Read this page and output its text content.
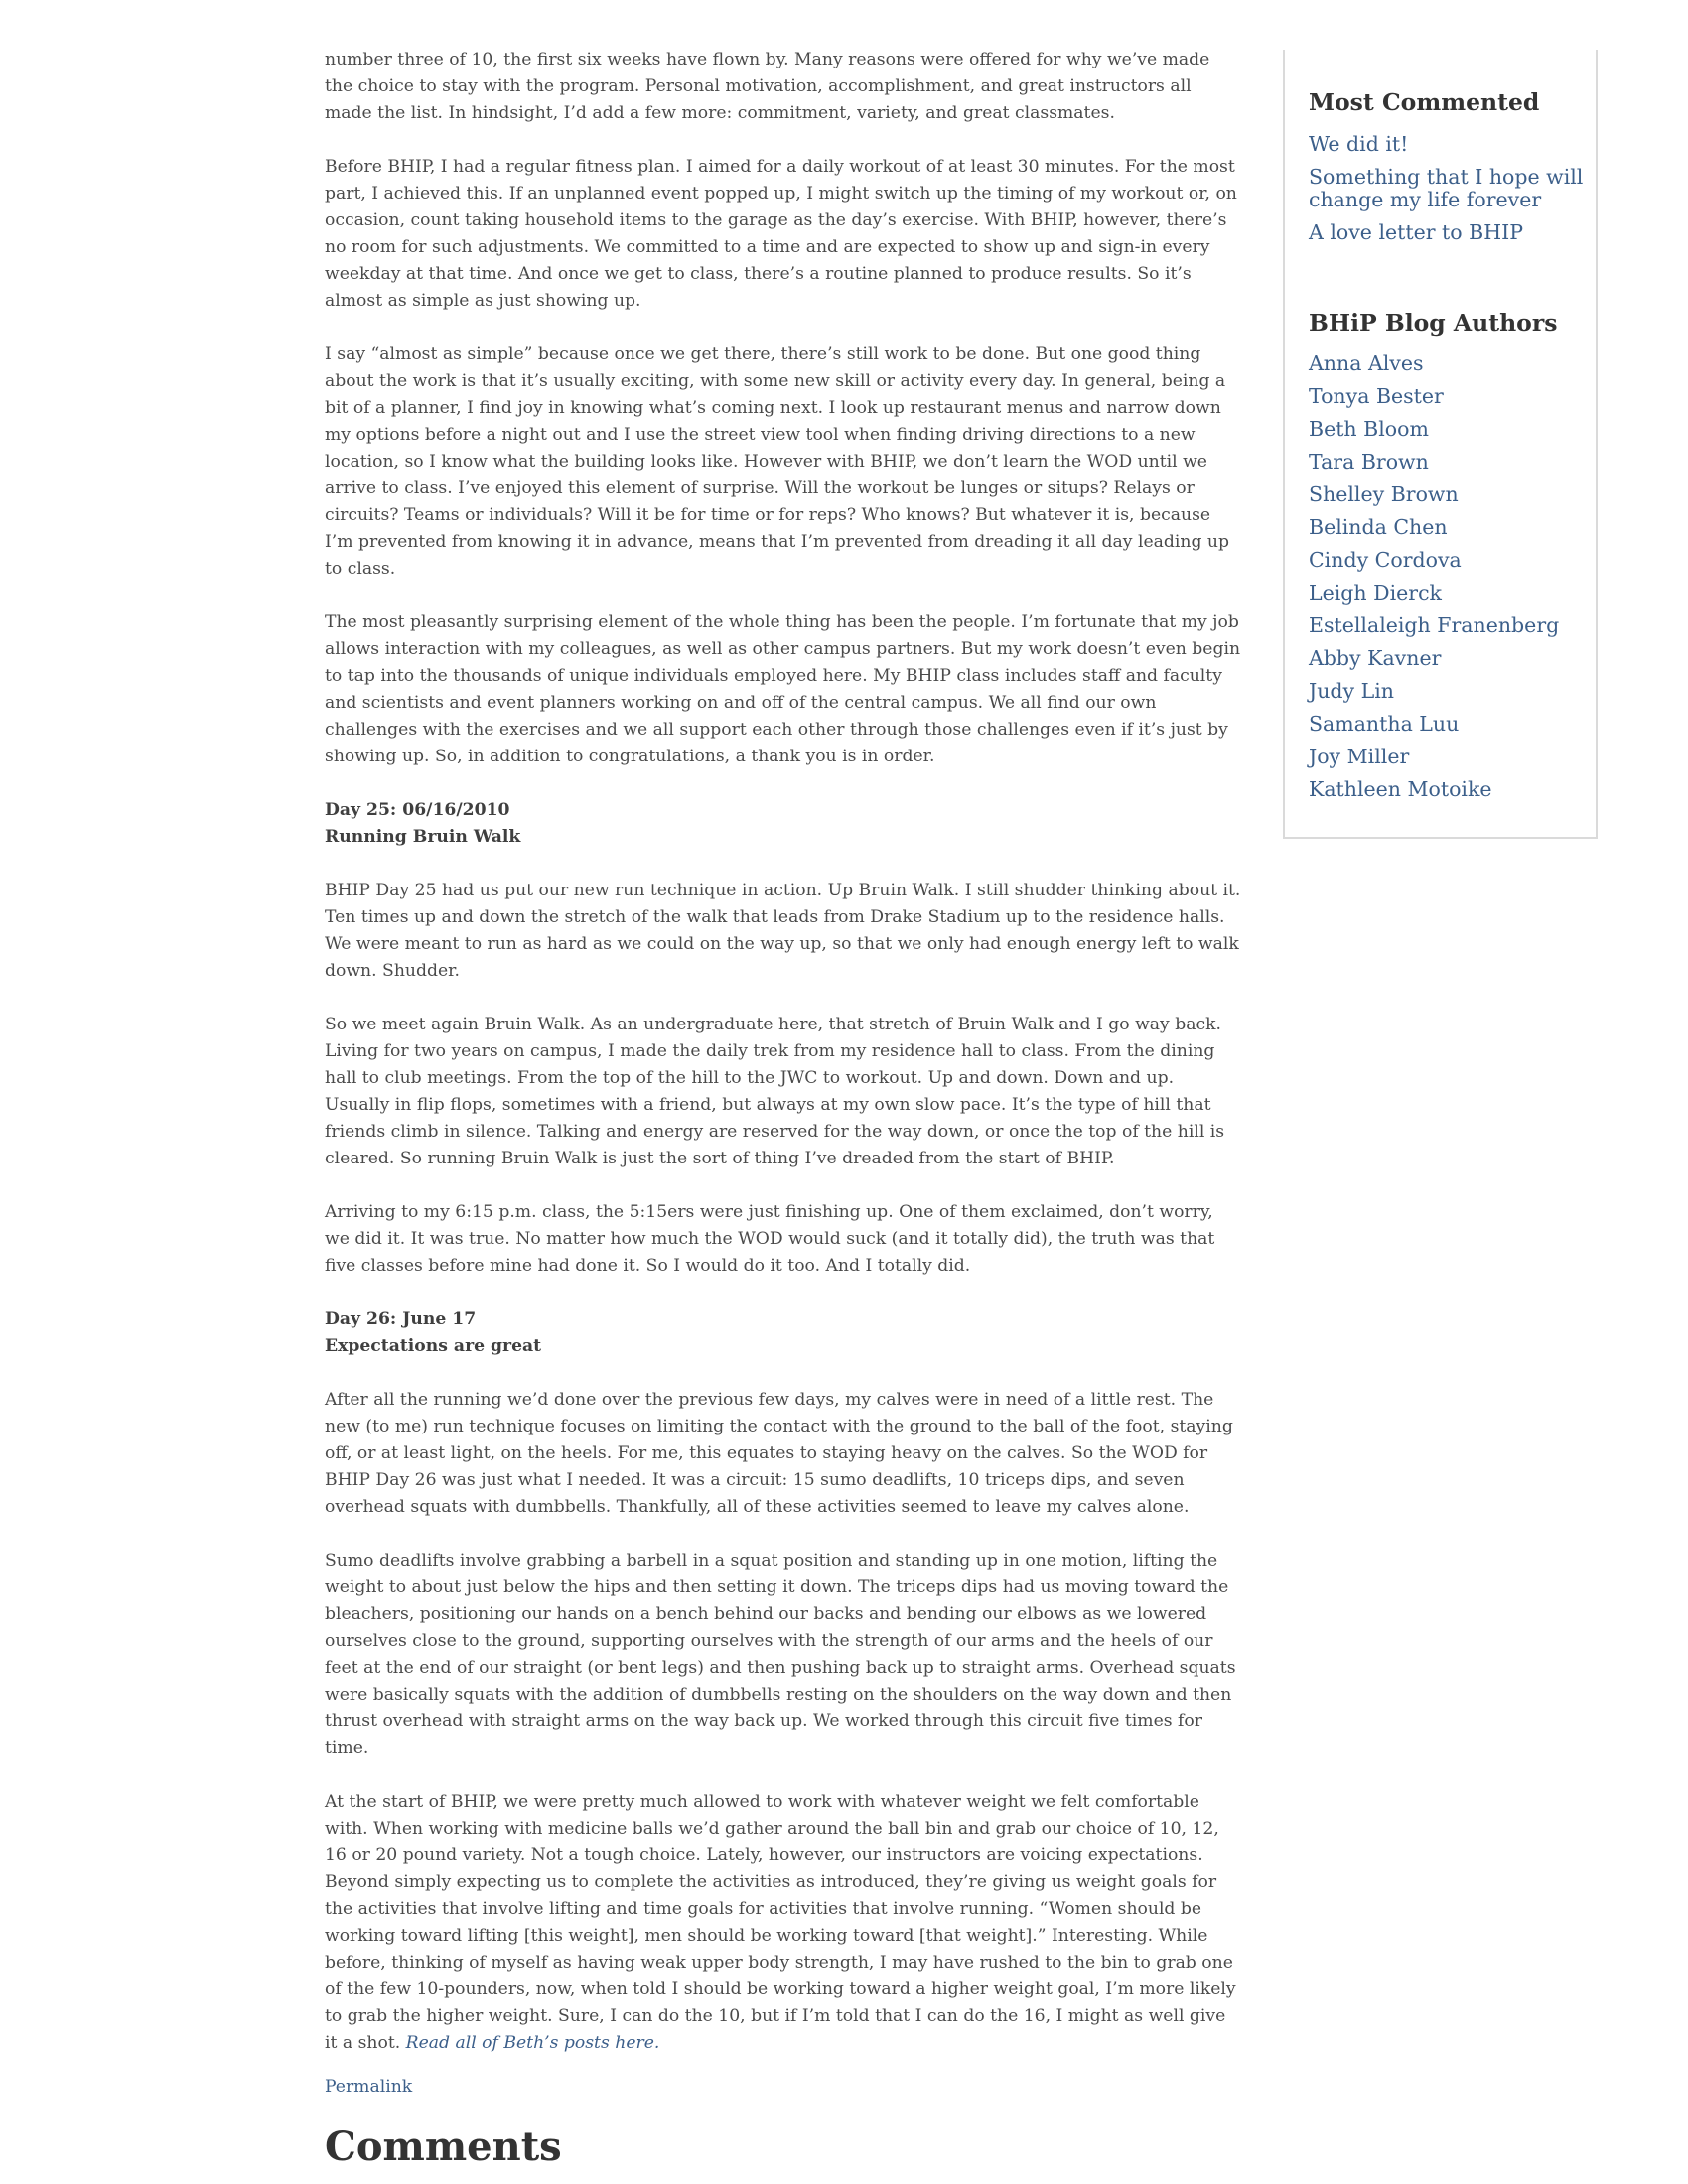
number three of 10, the first six weeks have flown by. Many reasons were offered for why we’ve made the choice to stay with the program. Personal motivation, accomplishment, and great instructors all made the list. In hindsight, I’d add a few more: commitment, variety, and great classmates.

Before BHIP, I had a regular fitness plan. I aimed for a daily workout of at least 30 minutes. For the most part, I achieved this. If an unplanned event popped up, I might switch up the timing of my workout or, on occasion, count taking household items to the garage as the day’s exercise. With BHIP, however, there’s no room for such adjustments. We committed to a time and are expected to show up and sign-in every weekday at that time. And once we get to class, there’s a routine planned to produce results. So it’s almost as simple as just showing up.

I say “almost as simple” because once we get there, there’s still work to be done. But one good thing about the work is that it’s usually exciting, with some new skill or activity every day. In general, being a bit of a planner, I find joy in knowing what’s coming next. I look up restaurant menus and narrow down my options before a night out and I use the street view tool when finding driving directions to a new location, so I know what the building looks like. However with BHIP, we don’t learn the WOD until we arrive to class. I’ve enjoyed this element of surprise. Will the workout be lunges or situps? Relays or circuits? Teams or individuals? Will it be for time or for reps? Who knows? But whatever it is, because I’m prevented from knowing it in advance, means that I’m prevented from dreading it all day leading up to class.

The most pleasantly surprising element of the whole thing has been the people. I’m fortunate that my job allows interaction with my colleagues, as well as other campus partners. But my work doesn’t even begin to tap into the thousands of unique individuals employed here. My BHIP class includes staff and faculty and scientists and event planners working on and off of the central campus. We all find our own challenges with the exercises and we all support each other through those challenges even if it’s just by showing up. So, in addition to congratulations, a thank you is in order.

Day 25: 06/16/2010
Running Bruin Walk

BHIP Day 25 had us put our new run technique in action. Up Bruin Walk. I still shudder thinking about it. Ten times up and down the stretch of the walk that leads from Drake Stadium up to the residence halls. We were meant to run as hard as we could on the way up, so that we only had enough energy left to walk down. Shudder.

So we meet again Bruin Walk. As an undergraduate here, that stretch of Bruin Walk and I go way back. Living for two years on campus, I made the daily trek from my residence hall to class. From the dining hall to club meetings. From the top of the hill to the JWC to workout. Up and down. Down and up. Usually in flip flops, sometimes with a friend, but always at my own slow pace. It’s the type of hill that friends climb in silence. Talking and energy are reserved for the way down, or once the top of the hill is cleared. So running Bruin Walk is just the sort of thing I’ve dreaded from the start of BHIP.

Arriving to my 6:15 p.m. class, the 5:15ers were just finishing up. One of them exclaimed, don’t worry, we did it. It was true. No matter how much the WOD would suck (and it totally did), the truth was that five classes before mine had done it. So I would do it too. And I totally did.

Day 26: June 17
Expectations are great

After all the running we’d done over the previous few days, my calves were in need of a little rest. The new (to me) run technique focuses on limiting the contact with the ground to the ball of the foot, staying off, or at least light, on the heels. For me, this equates to staying heavy on the calves. So the WOD for BHIP Day 26 was just what I needed. It was a circuit: 15 sumo deadlifts, 10 triceps dips, and seven overhead squats with dumbbells. Thankfully, all of these activities seemed to leave my calves alone.

Sumo deadlifts involve grabbing a barbell in a squat position and standing up in one motion, lifting the weight to about just below the hips and then setting it down. The triceps dips had us moving toward the bleachers, positioning our hands on a bench behind our backs and bending our elbows as we lowered ourselves close to the ground, supporting ourselves with the strength of our arms and the heels of our feet at the end of our straight (or bent legs) and then pushing back up to straight arms. Overhead squats were basically squats with the addition of dumbbells resting on the shoulders on the way down and then thrust overhead with straight arms on the way back up. We worked through this circuit five times for time.

At the start of BHIP, we were pretty much allowed to work with whatever weight we felt comfortable with. When working with medicine balls we’d gather around the ball bin and grab our choice of 10, 12, 16 or 20 pound variety. Not a tough choice. Lately, however, our instructors are voicing expectations. Beyond simply expecting us to complete the activities as introduced, they’re giving us weight goals for the activities that involve lifting and time goals for activities that involve running. “Women should be working toward lifting [this weight], men should be working toward [that weight].” Interesting. While before, thinking of myself as having weak upper body strength, I may have rushed to the bin to grab one of the few 10-pounders, now, when told I should be working toward a higher weight goal, I’m more likely to grab the higher weight. Sure, I can do the 10, but if I’m told that I can do the 16, I might as well give it a shot. Read all of Beth’s posts here.

Permalink
Comments
Most Commented
We did it!
Something that I hope will change my life forever
A love letter to BHIP
BHiP Blog Authors
Anna Alves
Tonya Bester
Beth Bloom
Tara Brown
Shelley Brown
Belinda Chen
Cindy Cordova
Leigh Dierck
Estellaleigh Franenberg
Abby Kavner
Judy Lin
Samantha Luu
Joy Miller
Kathleen Motoike
